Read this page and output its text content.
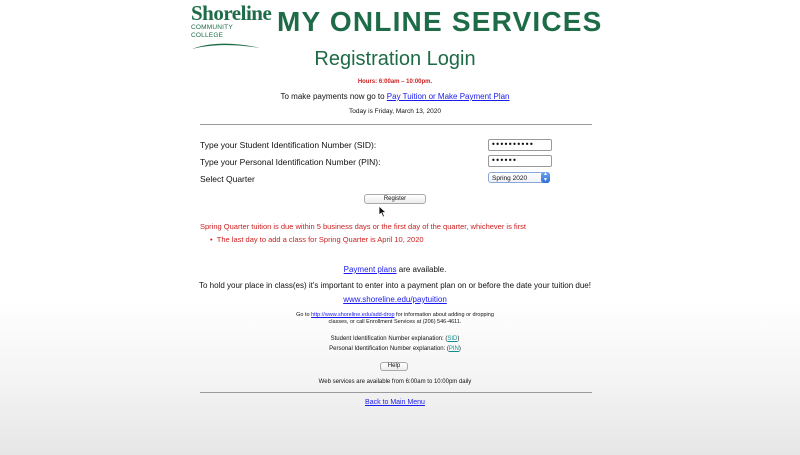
Shoreline
COMMUNITY COLLEGE	MY ONLINE SERVICES
Registration Login
Hours: 6:00am – 10:00pm.
To make payments now go to Pay Tuition or Make Payment Plan
Today is Friday, March 13, 2020
Type your Student Identification Number (SID):	••••••••••
Type your Personal Identification Number (PIN):	••••••
Select Quarter	Spring 2020
▲
▼
Register
Spring Quarter tuition is due within 5 business days or the first day of the quarter, whichever is first
•  The last day to add a class for Spring Quarter is April 10, 2020
Payment plans are available.
To hold your place in class(es) it's important to enter into a payment plan on or before the date your tuition due!
www.shoreline.edu/paytuition
Go to http://www.shoreline.edu/add-drop for information about adding or dropping
classes, or call Enrollment Services at (206) 546-4611.
Student Identification Number explanation: (SID)
Personal Identification Number explanation: (PIN)
Help
Web services are available from 6:00am to 10:00pm daily
Back to Main Menu
